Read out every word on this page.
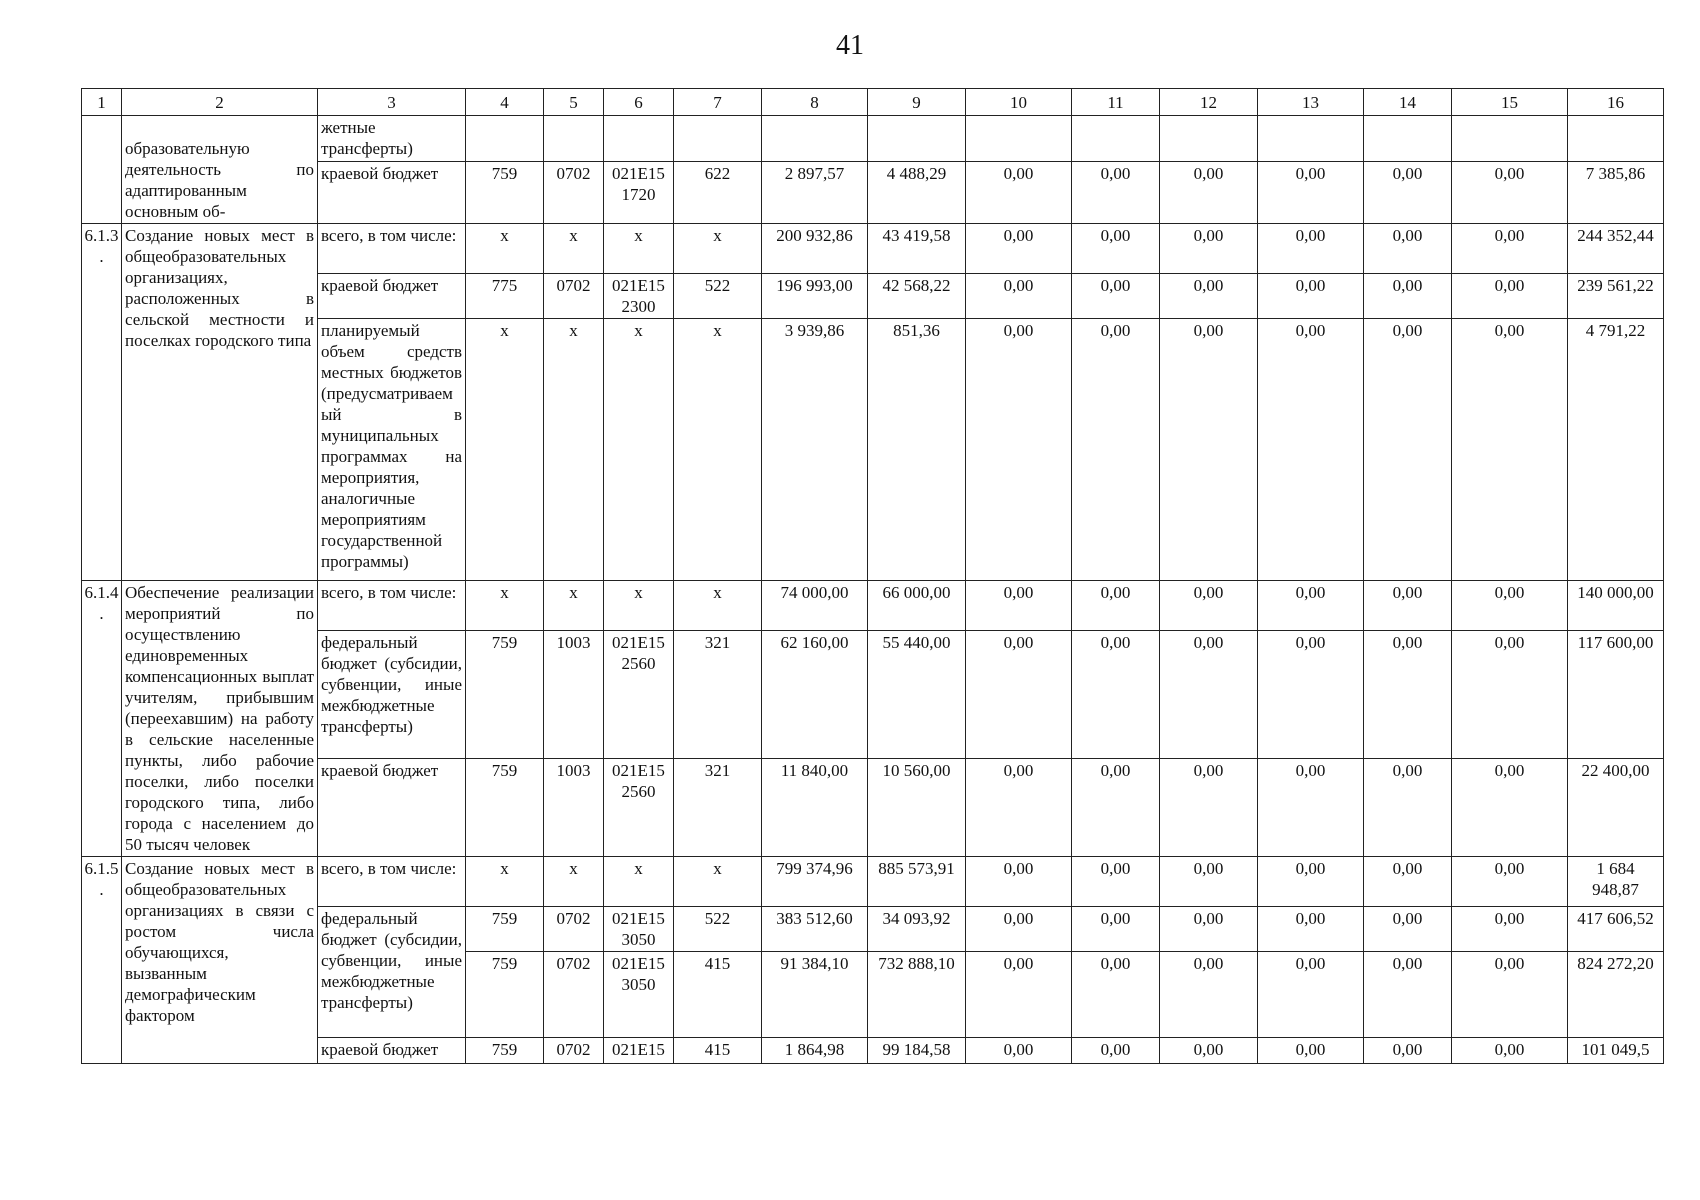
41
1	2	3	4	5	6	7	8	9	10	11	12	13	14	15	16
	образовательную деятельность по адаптированным основным об-	жетные трансферты)													
		краевой бюджет	759	0702	021E15 1720	622	2 897,57	4 488,29	0,00	0,00	0,00	0,00	0,00	0,00	7 385,86
6.1.3.	Создание новых мест в общеобразовательных организациях, расположенных в сельской местности и поселках городского типа	всего, в том числе:	x	x	x	x	200 932,86	43 419,58	0,00	0,00	0,00	0,00	0,00	0,00	244 352,44
		краевой бюджет	775	0702	021E15 2300	522	196 993,00	42 568,22	0,00	0,00	0,00	0,00	0,00	0,00	239 561,22
		планируемый объем средств местных бюджетов (предусматриваемый в муниципальных программах на мероприятия, аналогичные мероприятиям государственной программы)	x	x	x	x	3 939,86	851,36	0,00	0,00	0,00	0,00	0,00	0,00	4 791,22
6.1.4.	Обеспечение реализации мероприятий по осуществлению единовременных компенсационных выплат учителям, прибывшим (переехавшим) на работу в сельские населенные пункты, либо рабочие поселки, либо поселки городского типа, либо города с населением до 50 тысяч человек	всего, в том числе:	x	x	x	x	74 000,00	66 000,00	0,00	0,00	0,00	0,00	0,00	0,00	140 000,00
		федеральный бюджет (субсидии, субвенции, иные межбюджетные трансферты)	759	1003	021E15 2560	321	62 160,00	55 440,00	0,00	0,00	0,00	0,00	0,00	0,00	117 600,00
		краевой бюджет	759	1003	021E15 2560	321	11 840,00	10 560,00	0,00	0,00	0,00	0,00	0,00	0,00	22 400,00
6.1.5.	Создание новых мест в общеобразовательных организациях в связи с ростом числа обучающихся, вызванным демографическим фактором	всего, в том числе:	x	x	x	x	799 374,96	885 573,91	0,00	0,00	0,00	0,00	0,00	0,00	1 684 948,87
		федеральный бюджет (субсидии, субвенции, иные межбюджетные трансферты)	759	0702	021E15 3050	522	383 512,60	34 093,92	0,00	0,00	0,00	0,00	0,00	0,00	417 606,52
			759	0702	021E15 3050	415	91 384,10	732 888,10	0,00	0,00	0,00	0,00	0,00	0,00	824 272,20
		краевой бюджет	759	0702	021E15	415	1 864,98	99 184,58	0,00	0,00	0,00	0,00	0,00	0,00	101 049,5
